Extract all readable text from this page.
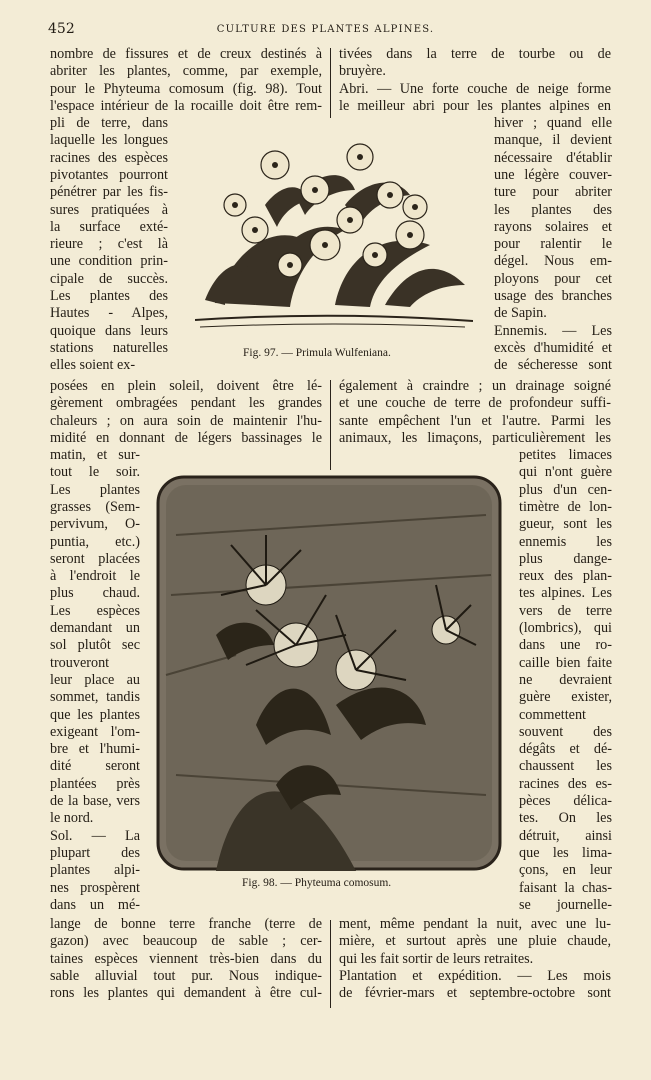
452	CULTURE DES PLANTES ALPINES.
Fig. 97. — Primula Wulfeniana.
Fig. 98. — Phyteuma comosum.
nombre de fissures et de creux destinés à
abriter les plantes, comme, par exemple,
pour le Phyteuma comosum (fig. 98). Tout
l'espace intérieur de la rocaille doit être rem-
tivées dans la terre de tourbe ou de
bruyère.
Abri. — Une forte couche de neige forme
le meilleur abri pour les plantes alpines en
pli de terre, dans
laquelle les longues
racines des espèces
pivotantes pourront
pénétrer par les fis-
sures pratiquées à
la surface exté-
rieure ; c'est là
une condition prin-
cipale de succès.
Les plantes des
Hautes - Alpes,
quoique dans leurs
stations naturelles
elles soient ex-
hiver ; quand elle
manque, il devient
nécessaire d'établir
une légère couver-
ture pour abriter
les plantes des
rayons solaires et
pour ralentir le
dégel. Nous em-
ployons pour cet
usage des branches
de Sapin.
Ennemis. — Les
excès d'humidité et
de sécheresse sont
posées en plein soleil, doivent être lé-
gèrement ombragées pendant les grandes
chaleurs ; on aura soin de maintenir l'hu-
midité en donnant de légers bassinages le
également à craindre ; un drainage soigné
et une couche de terre de profondeur suffi-
sante empêchent l'un et l'autre. Parmi les
animaux, les limaçons, particulièrement les
matin, et sur-
tout le soir.
Les plantes
grasses (Sem-
pervivum, O-
puntia, etc.)
seront placées
à l'endroit le
plus chaud.
Les espèces
demandant un
sol plutôt sec
trouveront
leur place au
sommet, tandis
que les plantes
exigeant l'om-
bre et l'humi-
dité seront
plantées près
de la base, vers
le nord.
Sol. — La
plupart des
plantes alpi-
nes prospèrent
dans un mé-
petites limaces
qui n'ont guère
plus d'un cen-
timètre de lon-
gueur, sont les
ennemis les
plus dange-
reux des plan-
tes alpines. Les
vers de terre
(lombrics), qui
dans une ro-
caille bien faite
ne devraient
guère exister,
commettent
souvent des
dégâts et dé-
chaussent les
racines des es-
pèces délica-
tes. On les
détruit, ainsi
que les lima-
çons, en leur
faisant la chas-
se journelle-
lange de bonne terre franche (terre de
gazon) avec beaucoup de sable ; cer-
taines espèces viennent très-bien dans du
sable alluvial tout pur. Nous indique-
rons les plantes qui demandent à être cul-
ment, même pendant la nuit, avec une lu-
mière, et surtout après une pluie chaude,
qui les fait sortir de leurs retraites.
Plantation et expédition. — Les mois
de février-mars et septembre-octobre sont
